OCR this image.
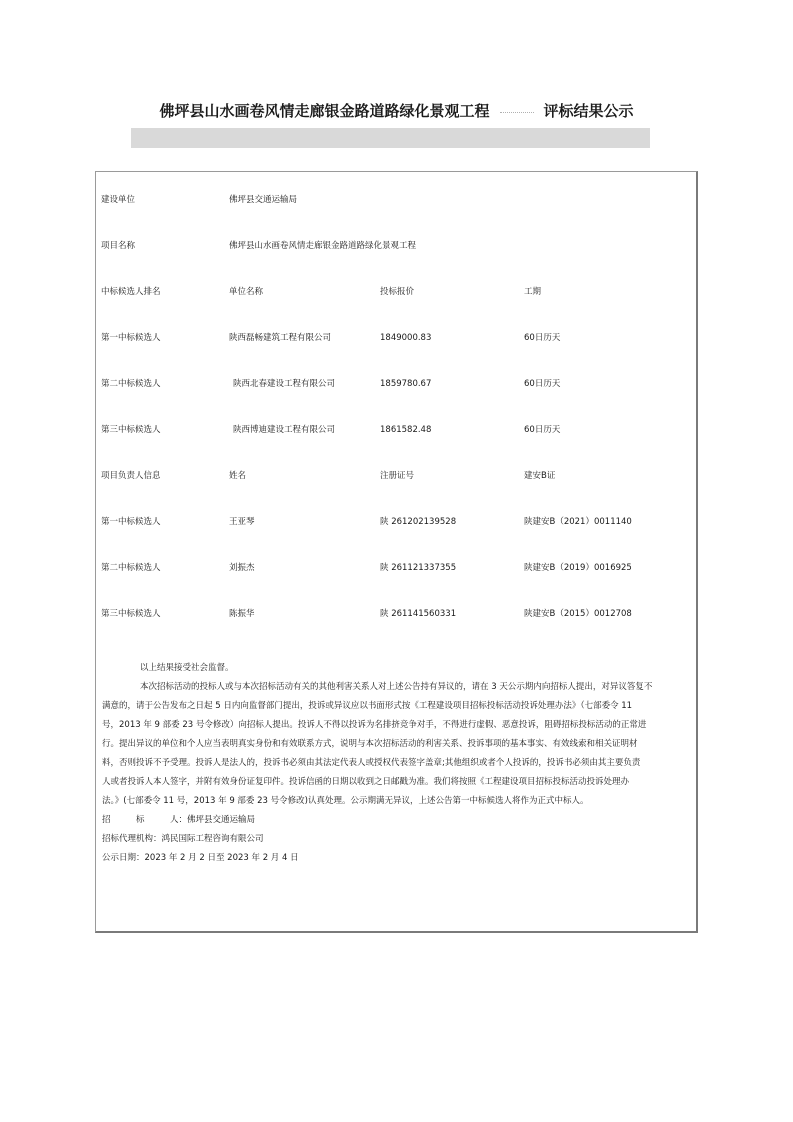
佛坪县山水画卷风情走廊银金路道路绿化景观工程	评标结果公示
建设单位	佛坪县交通运输局
项目名称	佛坪县山水画卷风情走廊银金路道路绿化景观工程
中标候选人排名	单位名称	投标报价	工期
第一中标候选人	陕西磊畅建筑工程有限公司	1849000.83	60日历天
第二中标候选人	陕西北春建设工程有限公司	1859780.67	60日历天
第三中标候选人	陕西博迪建设工程有限公司	1861582.48	60日历天
项目负责人信息	姓名	注册证号	建安B证
第一中标候选人	王亚琴	陕 261202139528	陕建安B（2021）0011140
第二中标候选人	刘振杰	陕 261121337355	陕建安B（2019）0016925
第三中标候选人	陈振华	陕 261141560331	陕建安B（2015）0012708

以上结果接受社会监督。

本次招标活动的投标人或与本次招标活动有关的其他利害关系人对上述公告持有异议的，请在 3 天公示期内向招标人提出，对异议答复不

满意的，请于公告发布之日起 5 日内向监督部门提出，投诉或异议应以书面形式按《工程建设项目招标投标活动投诉处理办法》（七部委令 11

号，2013 年 9 部委 23 号令修改）向招标人提出。投诉人不得以投诉为名排挤竞争对手，不得进行虚假、恶意投诉，阻碍招标投标活动的正常进

行。提出异议的单位和个人应当表明真实身份和有效联系方式，说明与本次招标活动的利害关系、投诉事项的基本事实、有效线索和相关证明材

料，否则投诉不予受理。投诉人是法人的，投诉书必须由其法定代表人或授权代表签字盖章;其他组织或者个人投诉的，投诉书必须由其主要负责

人或者投诉人本人签字，并附有效身份证复印件。投诉信函的日期以收到之日邮戳为准。我们将按照《工程建设项目招标投标活动投诉处理办

法。》(七部委令 11 号，2013 年 9 部委 23 号令修改)认真处理。公示期满无异议，上述公告第一中标候选人将作为正式中标人。

招　　　标　　　人：佛坪县交通运输局

招标代理机构：鸿民国际工程咨询有限公司

公示日期：2023 年 2 月 2 日至 2023 年 2 月 4 日
